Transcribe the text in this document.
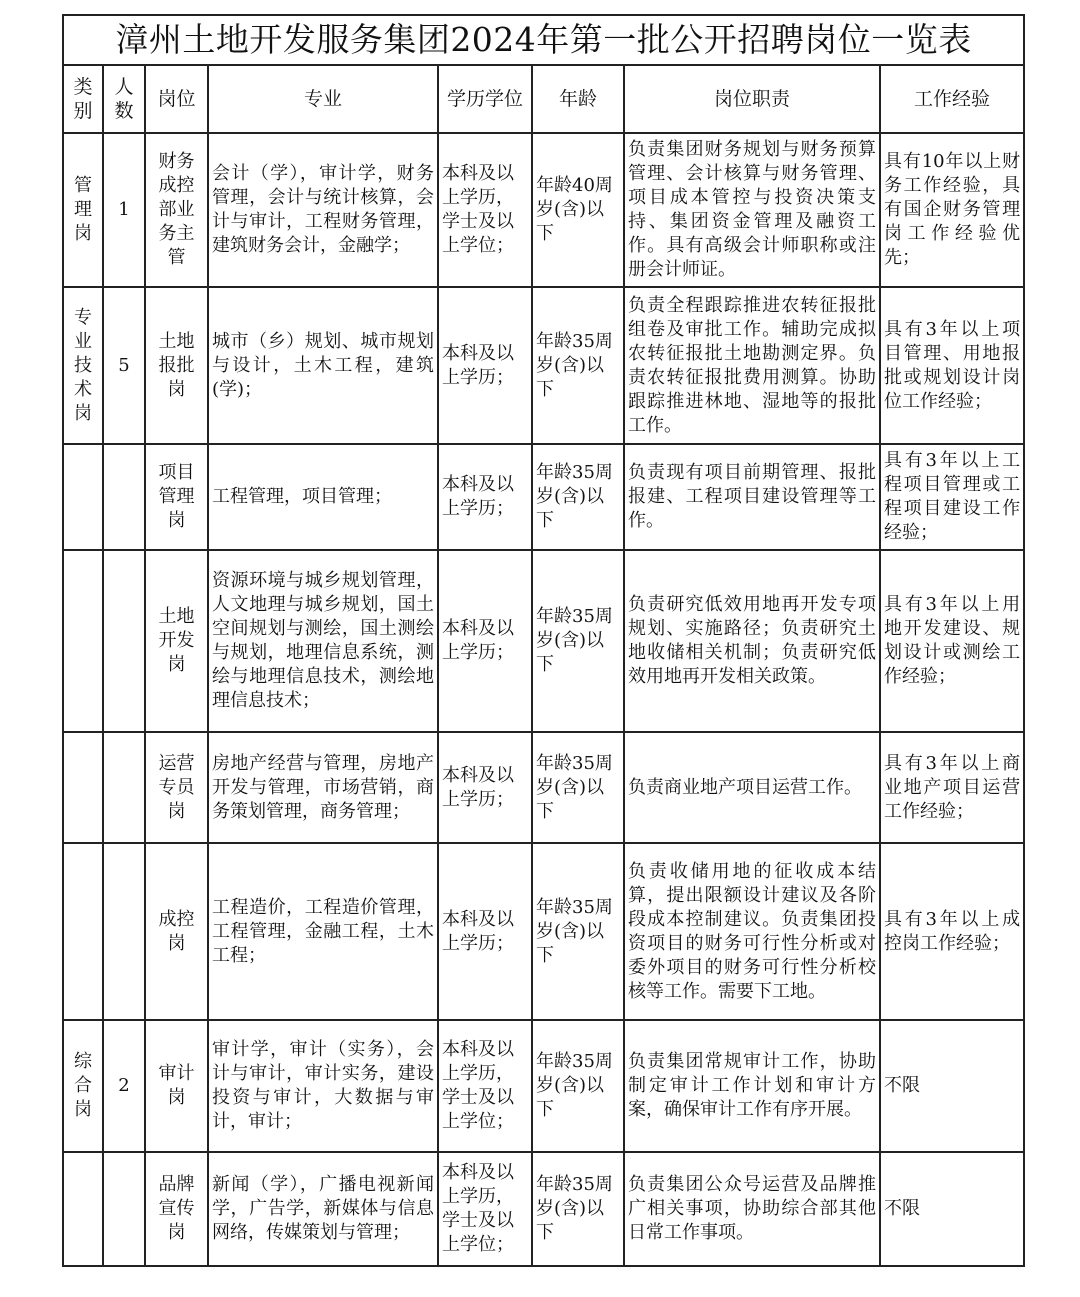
漳州土地开发服务集团2024年第一批公开招聘岗位一览表							
类别	人数	岗位	专业	学历学位	年龄	岗位职责	工作经验
管理岗	1	财务成控部业务主管	会计（学），审计学，财务管理，会计与统计核算，会计与审计，工程财务管理，建筑财务会计，金融学；	本科及以上学历，学士及以上学位；	年龄40周岁(含)以下	负责集团财务规划与财务预算管理、会计核算与财务管理、项目成本管控与投资决策支持、集团资金管理及融资工作。具有高级会计师职称或注册会计师证。	具有10年以上财务工作经验，具有国企财务管理岗工作经验优先；
专业技术岗	5	土地报批岗	城市（乡）规划、城市规划与设计，土木工程，建筑(学)；	本科及以上学历；	年龄35周岁(含)以下	负责全程跟踪推进农转征报批组卷及审批工作。辅助完成拟农转征报批土地勘测定界。负责农转征报批费用测算。协助跟踪推进林地、湿地等的报批工作。	具有3年以上项目管理、用地报批或规划设计岗位工作经验；
		项目管理岗	工程管理，项目管理；	本科及以上学历；	年龄35周岁(含)以下	负责现有项目前期管理、报批报建、工程项目建设管理等工作。	具有3年以上工程项目管理或工程项目建设工作经验；
		土地开发岗	资源环境与城乡规划管理，人文地理与城乡规划，国土空间规划与测绘，国土测绘与规划，地理信息系统，测绘与地理信息技术，测绘地理信息技术；	本科及以上学历；	年龄35周岁(含)以下	负责研究低效用地再开发专项规划、实施路径；负责研究土地收储相关机制；负责研究低效用地再开发相关政策。	具有3年以上用地开发建设、规划设计或测绘工作经验；
		运营专员岗	房地产经营与管理，房地产开发与管理，市场营销，商务策划管理，商务管理；	本科及以上学历；	年龄35周岁(含)以下	负责商业地产项目运营工作。	具有3年以上商业地产项目运营工作经验；
		成控岗	工程造价，工程造价管理，工程管理，金融工程，土木工程；	本科及以上学历；	年龄35周岁(含)以下	负责收储用地的征收成本结算，提出限额设计建议及各阶段成本控制建议。负责集团投资项目的财务可行性分析或对委外项目的财务可行性分析校核等工作。需要下工地。	具有3年以上成控岗工作经验；
综合岗	2	审计岗	审计学，审计（实务），会计与审计，审计实务，建设投资与审计，大数据与审计，审计；	本科及以上学历，学士及以上学位；	年龄35周岁(含)以下	负责集团常规审计工作，协助制定审计工作计划和审计方案，确保审计工作有序开展。	不限
		品牌宣传岗	新闻（学），广播电视新闻学，广告学，新媒体与信息网络，传媒策划与管理；	本科及以上学历，学士及以上学位；	年龄35周岁(含)以下	负责集团公众号运营及品牌推广相关事项，协助综合部其他日常工作事项。	不限
